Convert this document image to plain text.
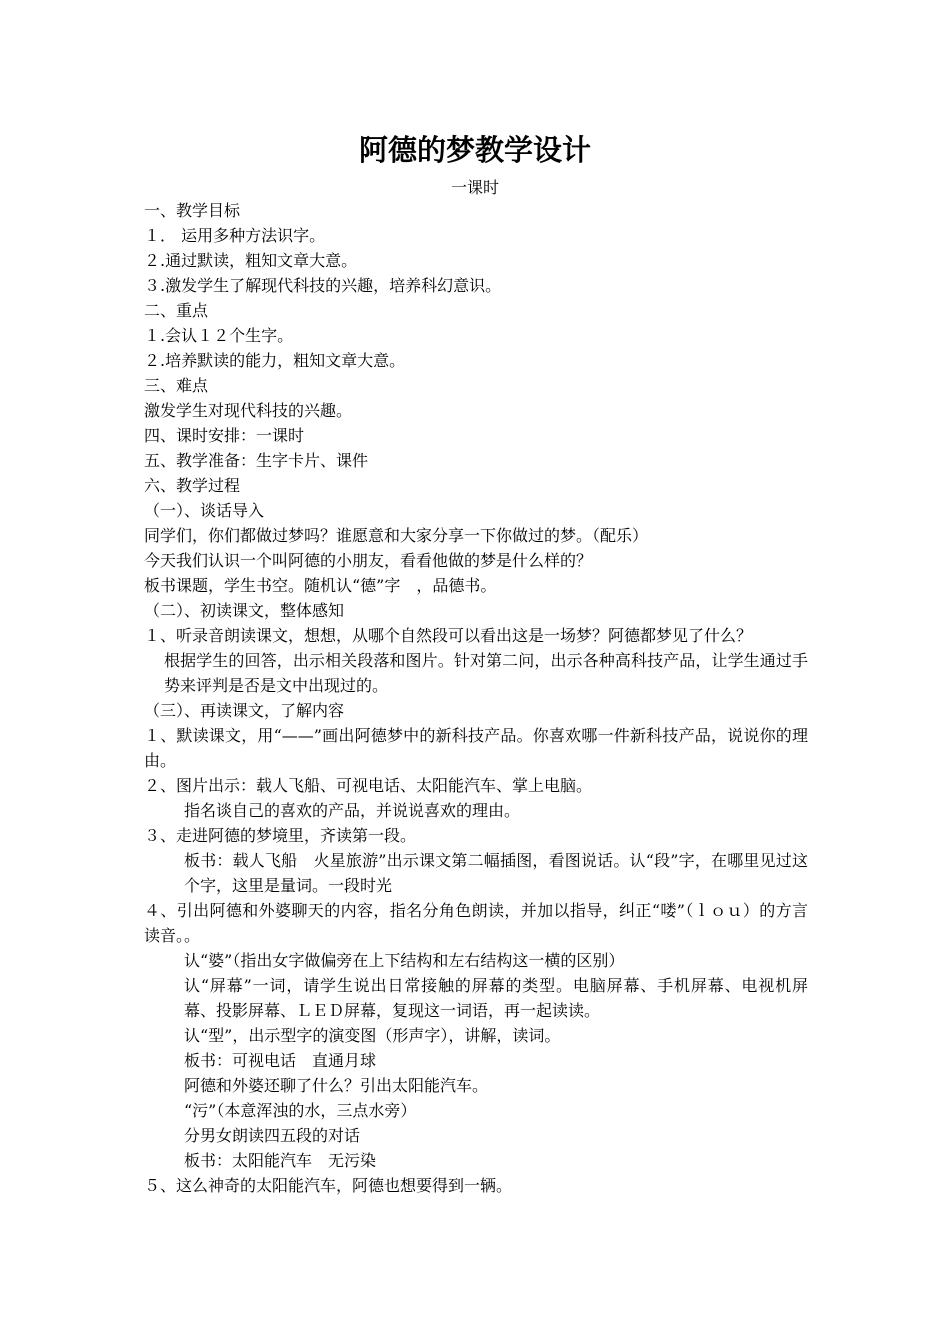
阿德的梦教学设计
一课时

一、教学目标

１． 运用多种方法识字。

２.通过默读，粗知文章大意。

３.激发学生了解现代科技的兴趣，培养科幻意识。

二、重点

１.会认１２个生字。

２.培养默读的能力，粗知文章大意。

三、难点

激发学生对现代科技的兴趣。

四、课时安排：一课时

五、教学准备：生字卡片、课件

六、教学过程

（一）、谈话导入

同学们，你们都做过梦吗？谁愿意和大家分享一下你做过的梦。（配乐）

今天我们认识一个叫阿德的小朋友，看看他做的梦是什么样的？

板书课题，学生书空。随机认“德”字　，品德书。

（二）、初读课文，整体感知

１、听录音朗读课文，想想，从哪个自然段可以看出这是一场梦？阿德都梦见了什么？

根据学生的回答，出示相关段落和图片。针对第二问，出示各种高科技产品，让学生通过手势来评判是否是文中出现过的。

（三）、再读课文，了解内容

１、默读课文，用“——”画出阿德梦中的新科技产品。你喜欢哪一件新科技产品，说说你的理由。

２、图片出示：载人飞船、可视电话、太阳能汽车、掌上电脑。

指名谈自己的喜欢的产品，并说说喜欢的理由。

３、走进阿德的梦境里，齐读第一段。

板书：载人飞船　火星旅游”出示课文第二幅插图，看图说话。认“段”字，在哪里见过这个字，这里是量词。一段时光

４、引出阿德和外婆聊天的内容，指名分角色朗读，并加以指导，纠正“喽”（ｌｏｕ）的方言读音。。

认“婆”（指出女字做偏旁在上下结构和左右结构这一横的区别）

认“屏幕”一词，请学生说出日常接触的屏幕的类型。电脑屏幕、手机屏幕、电视机屏幕、投影屏幕、ＬＥＤ屏幕，复现这一词语，再一起读读。

认“型”，出示型字的演变图（形声字），讲解，读词。

板书：可视电话　直通月球

阿德和外婆还聊了什么？引出太阳能汽车。

“污”（本意浑浊的水，三点水旁）

分男女朗读四五段的对话

板书：太阳能汽车　无污染

５、这么神奇的太阳能汽车，阿德也想要得到一辆。
